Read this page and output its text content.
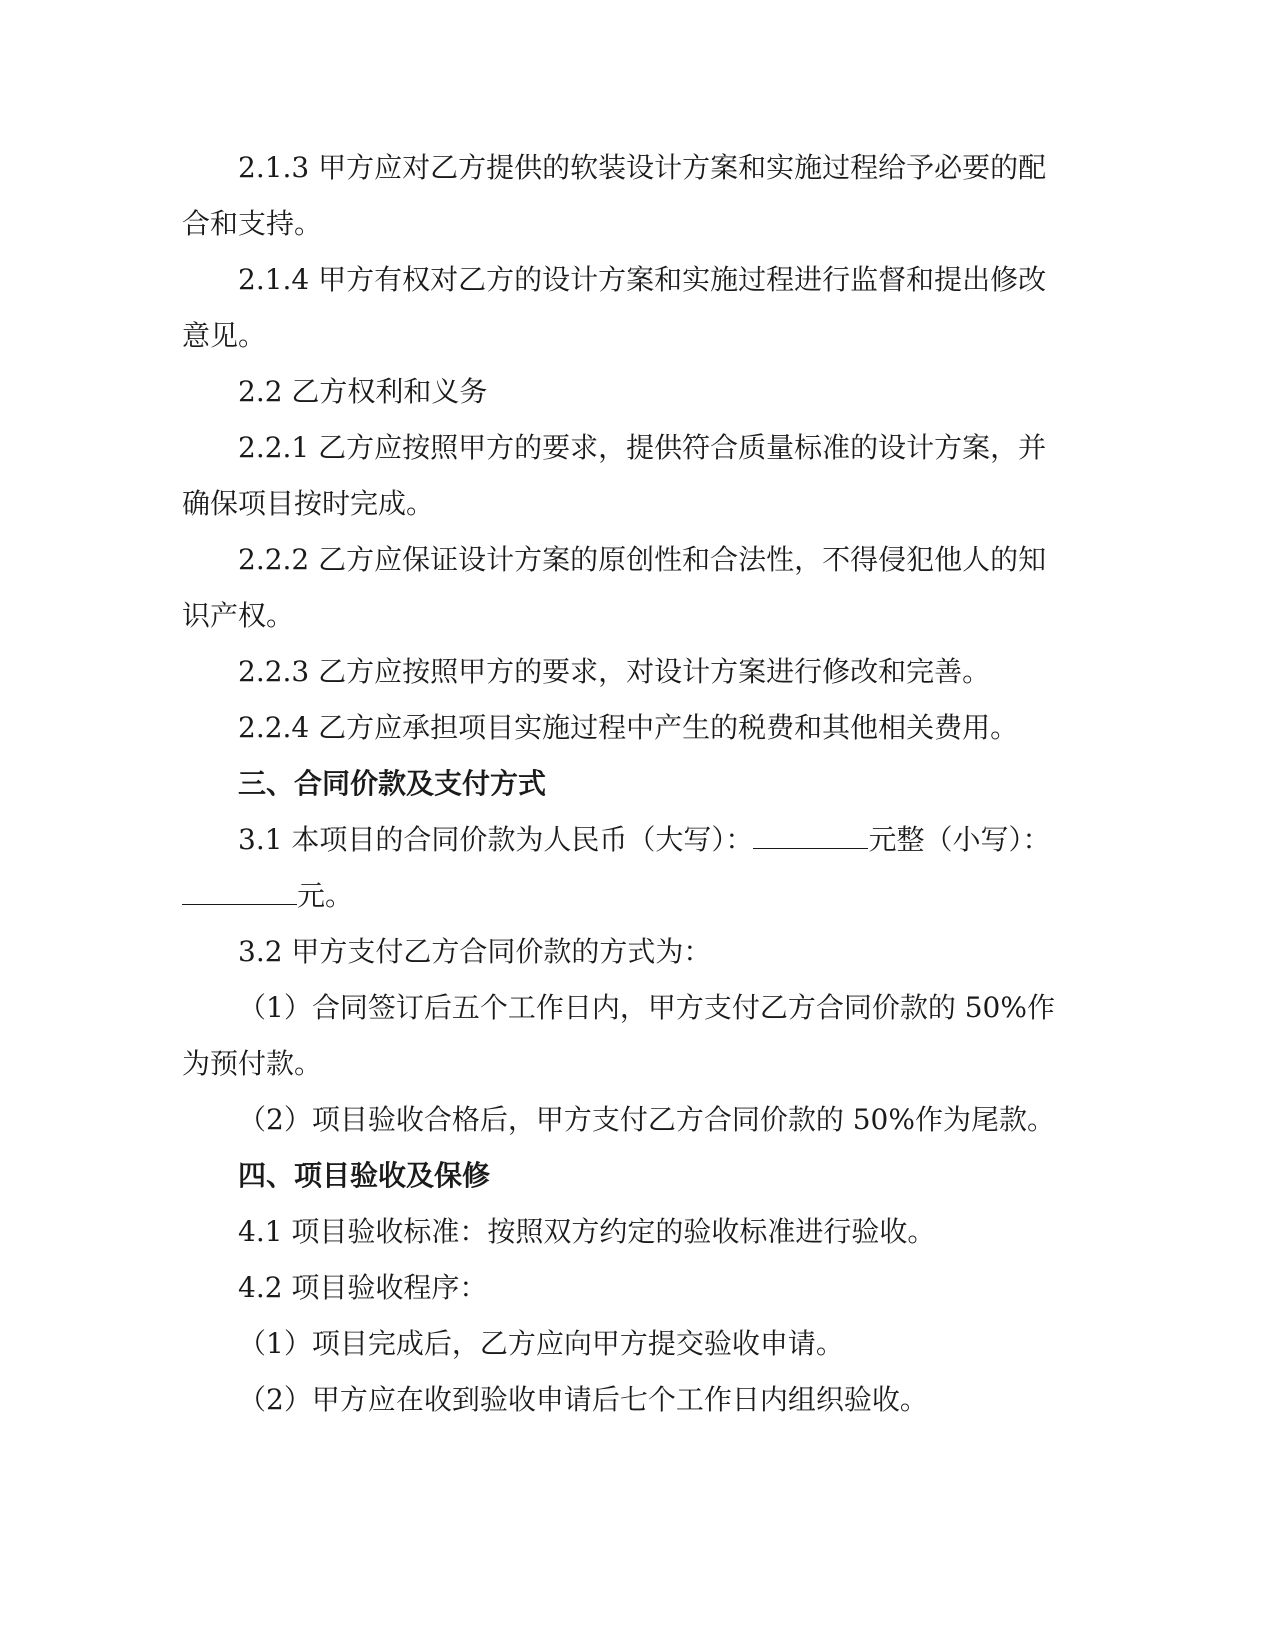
2.1.3 甲方应对乙方提供的软装设计方案和实施过程给予必要的配合和支持。

2.1.4 甲方有权对乙方的设计方案和实施过程进行监督和提出修改意见。

2.2 乙方权利和义务

2.2.1 乙方应按照甲方的要求，提供符合质量标准的设计方案，并确保项目按时完成。

2.2.2 乙方应保证设计方案的原创性和合法性，不得侵犯他人的知识产权。

2.2.3 乙方应按照甲方的要求，对设计方案进行修改和完善。

2.2.4 乙方应承担项目实施过程中产生的税费和其他相关费用。

三、合同价款及支付方式

3.1 本项目的合同价款为人民币（大写）：	元整（小写）：元。

3.2 甲方支付乙方合同价款的方式为：

（1）合同签订后五个工作日内，甲方支付乙方合同价款的 50%作为预付款。

（2）项目验收合格后，甲方支付乙方合同价款的 50%作为尾款。

四、项目验收及保修

4.1 项目验收标准：按照双方约定的验收标准进行验收。

4.2 项目验收程序：

（1）项目完成后，乙方应向甲方提交验收申请。

（2）甲方应在收到验收申请后七个工作日内组织验收。
